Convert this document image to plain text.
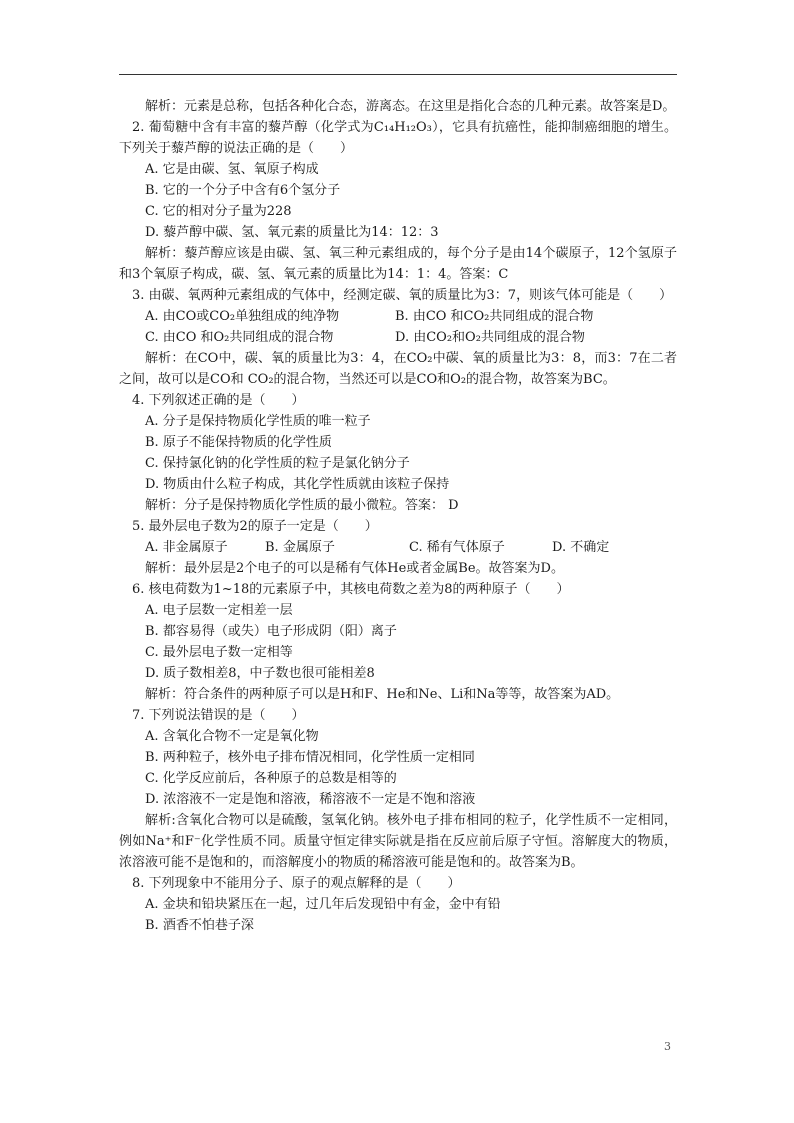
解析：元素是总称，包括各种化合态，游离态。在这里是指化合态的几种元素。故答案是D。

2. 葡萄糖中含有丰富的藜芦醇（化学式为C₁₄H₁₂O₃），它具有抗癌性，能抑制癌细胞的增生。下列关于藜芦醇的说法正确的是（　　）

A. 它是由碳、氢、氧原子构成
B. 它的一个分子中含有6个氢分子
C. 它的相对分子量为228
D. 藜芦醇中碳、氢、氧元素的质量比为14：12：3

解析：藜芦醇应该是由碳、氢、氧三种元素组成的，每个分子是由14个碳原子，12个氢原子和3个氧原子构成，碳、氢、氧元素的质量比为14：1：4。答案：C

3. 由碳、氧两种元素组成的气体中，经测定碳、氧的质量比为3：7，则该气体可能是（　　）

A. 由CO或CO₂单独组成的纯净物	B. 由CO 和CO₂共同组成的混合物
C. 由CO 和O₂共同组成的混合物	D. 由CO₂和O₂共同组成的混合物

解析：在CO中，碳、氧的质量比为3：4，在CO₂中碳、氧的质量比为3：8，而3：7在二者之间，故可以是CO和 CO₂的混合物，当然还可以是CO和O₂的混合物，故答案为BC。

4. 下列叙述正确的是（　　）

A. 分子是保持物质化学性质的唯一粒子
B. 原子不能保持物质的化学性质
C. 保持氯化钠的化学性质的粒子是氯化钠分子
D. 物质由什么粒子构成，其化学性质就由该粒子保持

解析：分子是保持物质化学性质的最小微粒。答案： D

5. 最外层电子数为2的原子一定是（　　）

A. 非金属原子	B. 金属原子	C. 稀有气体原子	D. 不确定

解析：最外层是2个电子的可以是稀有气体He或者金属Be。故答案为D。

6. 核电荷数为1~18的元素原子中，其核电荷数之差为8的两种原子（　　）

A. 电子层数一定相差一层
B. 都容易得（或失）电子形成阴（阳）离子
C. 最外层电子数一定相等
D. 质子数相差8，中子数也很可能相差8

解析：符合条件的两种原子可以是H和F、He和Ne、Li和Na等等，故答案为AD。

7. 下列说法错误的是（　　）

A. 含氧化合物不一定是氧化物
B. 两种粒子，核外电子排布情况相同，化学性质一定相同
C. 化学反应前后，各种原子的总数是相等的
D. 浓溶液不一定是饱和溶液，稀溶液不一定是不饱和溶液

解析:含氧化合物可以是硫酸，氢氧化钠。核外电子排布相同的粒子，化学性质不一定相同，例如Na⁺和F⁻化学性质不同。质量守恒定律实际就是指在反应前后原子守恒。溶解度大的物质，浓溶液可能不是饱和的，而溶解度小的物质的稀溶液可能是饱和的。故答案为B。

8. 下列现象中不能用分子、原子的观点解释的是（　　）

A. 金块和铅块紧压在一起，过几年后发现铅中有金，金中有铅
B. 酒香不怕巷子深
3
